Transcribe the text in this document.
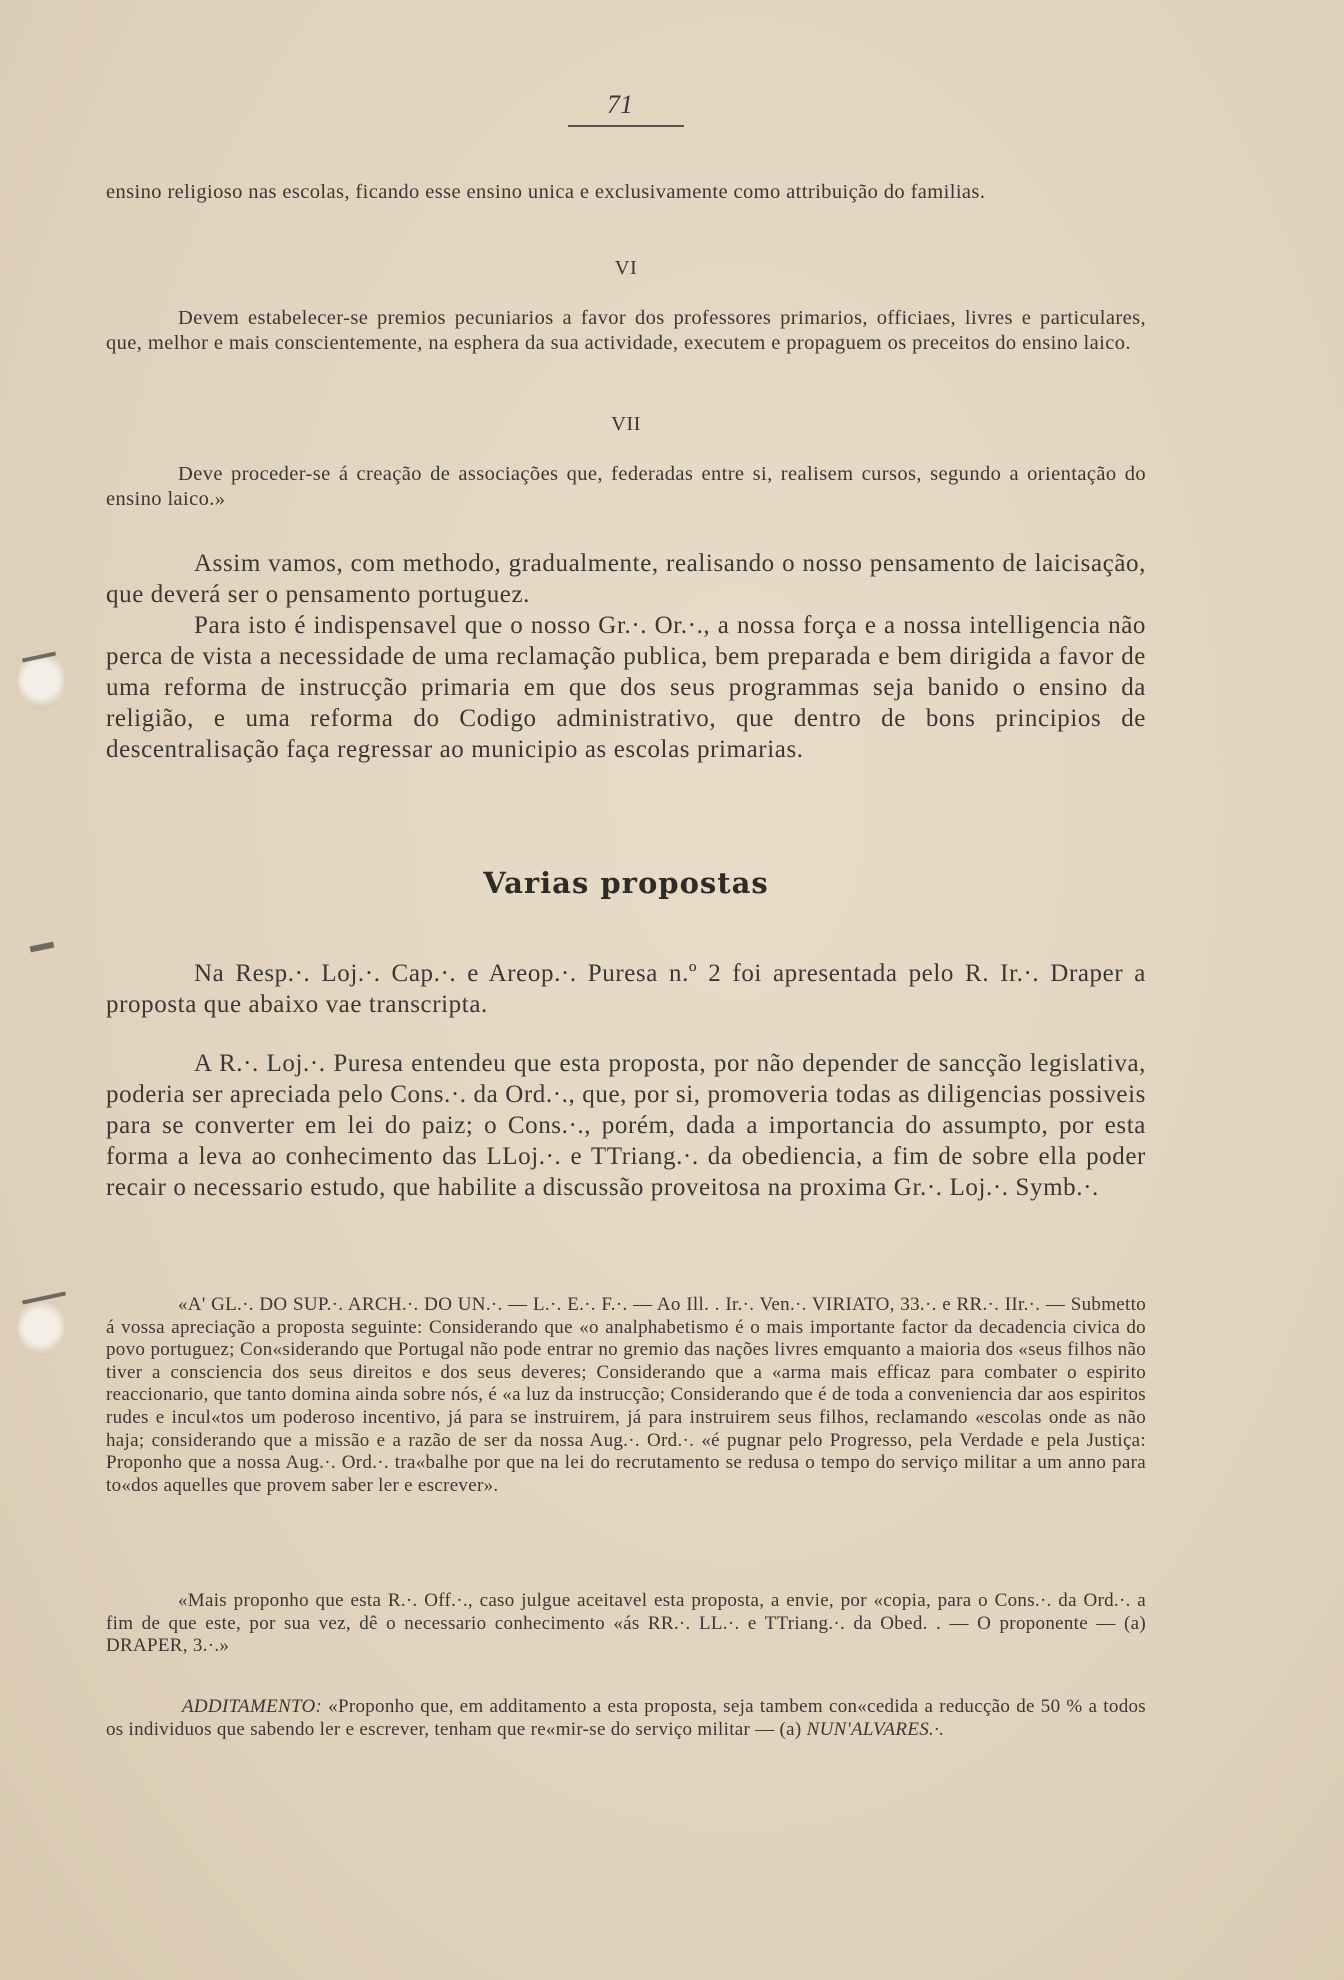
71

ensino religioso nas escolas, ficando esse ensino unica e exclusivamente como attribuição do familias.

VI

Devem estabelecer-se premios pecuniarios a favor dos professores primarios, officiaes, livres e particulares, que, melhor e mais conscientemente, na esphera da sua actividade, executem e propaguem os preceitos do ensino laico.

VII

Deve proceder-se á creação de associações que, federadas entre si, realisem cursos, segundo a orientação do ensino laico.»

Assim vamos, com methodo, gradualmente, realisando o nosso pensamento de laicisação, que deverá ser o pensamento portuguez.

Para isto é indispensavel que o nosso Gr.·. Or.·., a nossa força e a nossa intelligencia não perca de vista a necessidade de uma reclamação publica, bem preparada e bem dirigida a favor de uma reforma de instrucção primaria em que dos seus programmas seja banido o ensino da religião, e uma reforma do Codigo administrativo, que dentro de bons principios de descentralisação faça regressar ao municipio as escolas primarias.

Varias propostas

Na Resp.·. Loj.·. Cap.·. e Areop.·. Puresa n.º 2 foi apresentada pelo R. Ir.·. Draper a proposta que abaixo vae transcripta.

A R.·. Loj.·. Puresa entendeu que esta proposta, por não depender de sancção legislativa, poderia ser apreciada pelo Cons.·. da Ord.·., que, por si, promoveria todas as diligencias possiveis para se converter em lei do paiz; o Cons.·., porém, dada a importancia do assumpto, por esta forma a leva ao conhecimento das LLoj.·. e TTriang.·. da obediencia, a fim de sobre ella poder recair o necessario estudo, que habilite a discussão proveitosa na proxima Gr.·. Loj.·. Symb.·.

«A' GL.·. DO SUP.·. ARCH.·. DO UN.·. — L.·. E.·. F.·. — Ao Ill. . Ir.·. Ven.·. VIRIATO, 33.·. e RR.·. IIr.·. — Submetto á vossa apreciação a proposta seguinte: Considerando que «o analphabetismo é o mais importante factor da decadencia civica do povo portuguez; Con«siderando que Portugal não pode entrar no gremio das nações livres emquanto a maioria dos «seus filhos não tiver a consciencia dos seus direitos e dos seus deveres; Considerando que a «arma mais efficaz para combater o espirito reaccionario, que tanto domina ainda sobre nós, é «a luz da instrucção; Considerando que é de toda a conveniencia dar aos espiritos rudes e incul«tos um poderoso incentivo, já para se instruirem, já para instruirem seus filhos, reclamando «escolas onde as não haja; considerando que a missão e a razão de ser da nossa Aug.·. Ord.·. «é pugnar pelo Progresso, pela Verdade e pela Justiça: Proponho que a nossa Aug.·. Ord.·. tra«balhe por que na lei do recrutamento se redusa o tempo do serviço militar a um anno para to«dos aquelles que provem saber ler e escrever».

«Mais proponho que esta R.·. Off.·., caso julgue aceitavel esta proposta, a envie, por «copia, para o Cons.·. da Ord.·. a fim de que este, por sua vez, dê o necessario conhecimento «ás RR.·. LL.·. e TTriang.·. da Obed. . — O proponente — (a) DRAPER, 3.·.»

ADDITAMENTO: «Proponho que, em additamento a esta proposta, seja tambem con«cedida a reducção de 50 % a todos os individuos que sabendo ler e escrever, tenham que re«mir-se do serviço militar — (a) NUN'ALVARES.·.
